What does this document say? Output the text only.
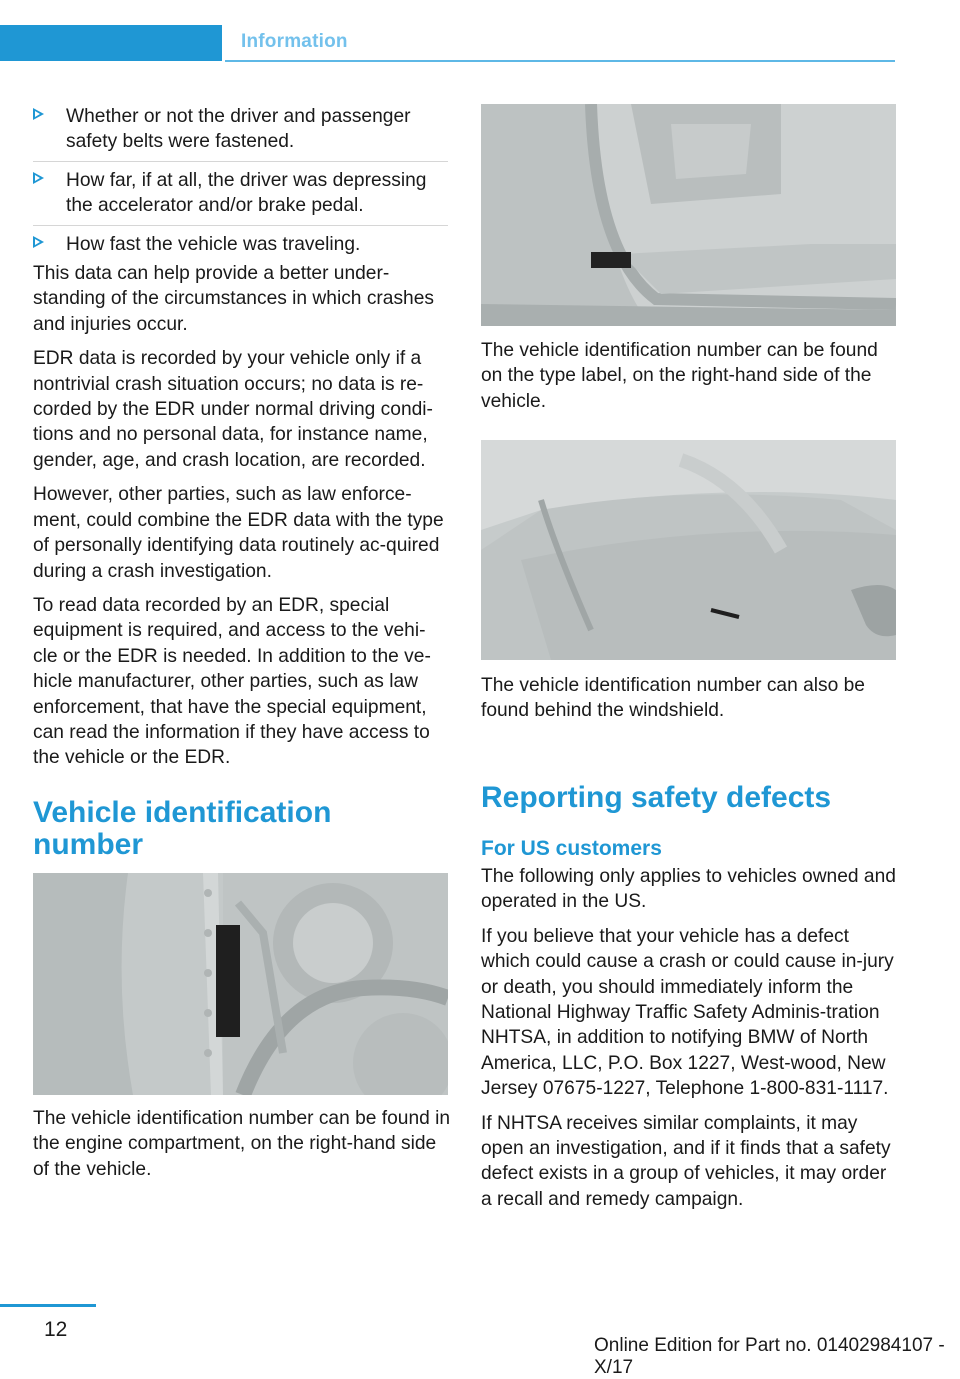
Information
Whether or not the driver and passenger safety belts were fastened.
How far, if at all, the driver was depressing the accelerator and/or brake pedal.
How fast the vehicle was traveling.

This data can help provide a better under‐standing of the circumstances in which crashes and injuries occur.

EDR data is recorded by your vehicle only if a nontrivial crash situation occurs; no data is re‐corded by the EDR under normal driving condi‐tions and no personal data, for instance name, gender, age, and crash location, are recorded.

However, other parties, such as law enforce‐ment, could combine the EDR data with the type of personally identifying data routinely ac‐quired during a crash investigation.

To read data recorded by an EDR, special equipment is required, and access to the vehi‐cle or the EDR is needed. In addition to the ve‐hicle manufacturer, other parties, such as law enforcement, that have the special equipment, can read the information if they have access to the vehicle or the EDR.

Vehicle identification number

The vehicle identification number can be found in the engine compartment, on the right-hand side of the vehicle.

The vehicle identification number can be found on the type label, on the right-hand side of the vehicle.

The vehicle identification number can also be found behind the windshield.

Reporting safety defects
For US customers

The following only applies to vehicles owned and operated in the US.

If you believe that your vehicle has a defect which could cause a crash or could cause in‐jury or death, you should immediately inform the National Highway Traffic Safety Adminis‐tration NHTSA, in addition to notifying BMW of North America, LLC, P.O. Box 1227, West‐wood, New Jersey 07675-1227, Telephone 1-800-831-1117.

If NHTSA receives similar complaints, it may open an investigation, and if it finds that a safety defect exists in a group of vehicles, it may order a recall and remedy campaign.

12
Online Edition for Part no. 01402984107 - X/17
